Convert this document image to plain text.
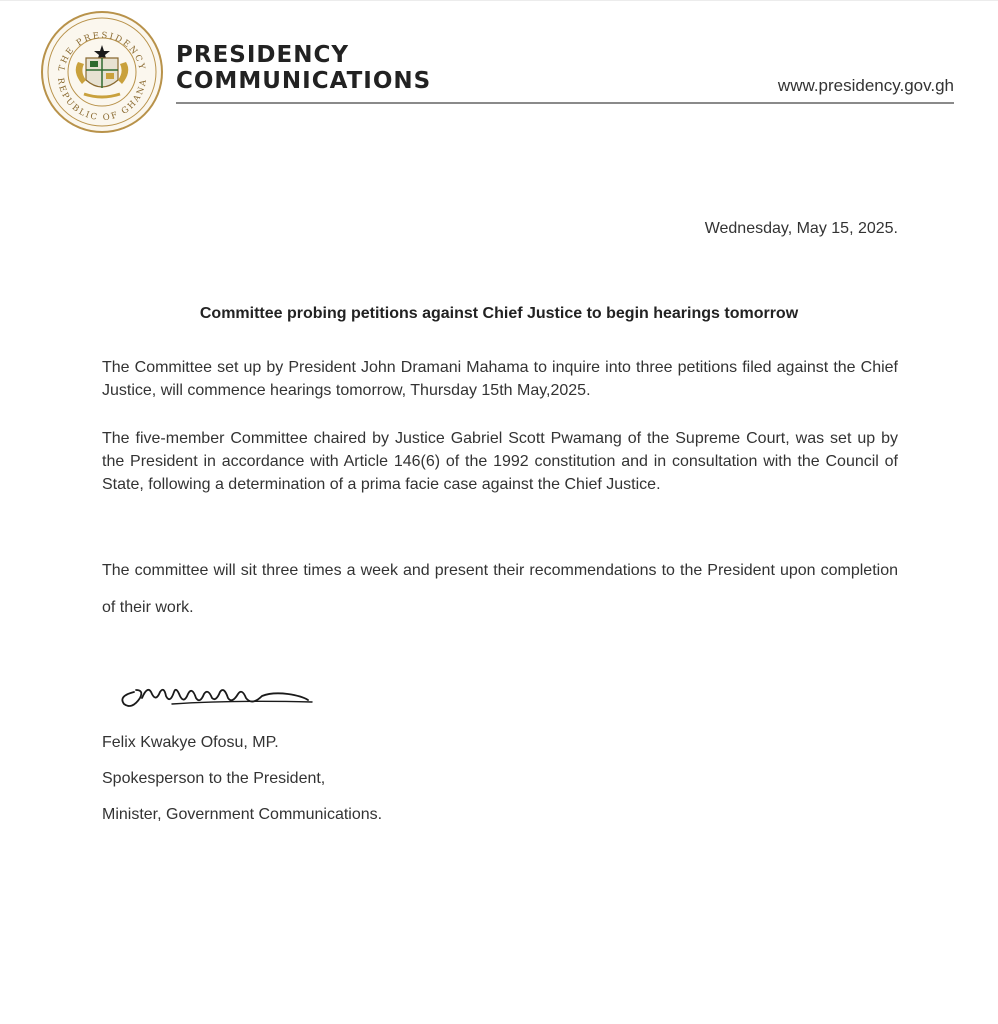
THE PRESIDENCY
REPUBLIC OF GHANA
PRESIDENCY
COMMUNICATIONS	www.presidency.gov.gh
Wednesday, May 15, 2025.
Committee probing petitions against Chief Justice to begin hearings tomorrow
The Committee set up by President John Dramani Mahama to inquire into three petitions filed against the Chief Justice, will commence hearings tomorrow, Thursday 15th May,2025.
The five-member Committee chaired by Justice Gabriel Scott Pwamang of the Supreme Court, was set up by the President in accordance with Article 146(6) of the 1992 constitution and in consultation with the Council of State, following a determination of a prima facie case against the Chief Justice.
The committee will sit three times a week and present their recommendations to the President upon completion of their work.
Felix Kwakye Ofosu, MP.
Spokesperson to the President,
Minister, Government Communications.
